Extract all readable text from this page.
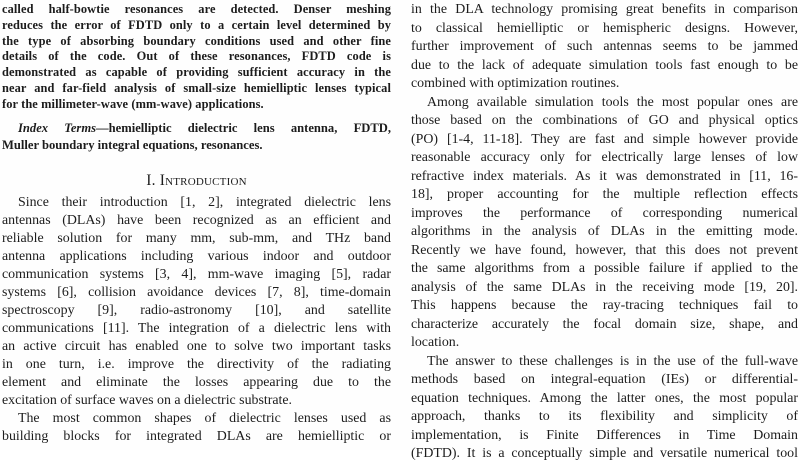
called half-bowtie resonances are detected. Denser meshing
reduces the error of FDTD only to a certain level determined by
the type of absorbing boundary conditions used and other fine
details of the code. Out of these resonances, FDTD code is
demonstrated as capable of providing sufficient accuracy in the
near and far-field analysis of small-size hemielliptic lenses typical
for the millimeter-wave (mm-wave) applications.
Index Terms—hemielliptic dielectric lens antenna, FDTD,
Muller boundary integral equations, resonances.
I. Introduction
Since their introduction [1, 2], integrated dielectric lens
antennas (DLAs) have been recognized as an efficient and
reliable solution for many mm, sub-mm, and THz band
antenna applications including various indoor and outdoor
communication systems [3, 4], mm-wave imaging [5], radar
systems [6], collision avoidance devices [7, 8], time-domain
spectroscopy [9], radio-astronomy [10], and satellite
communications [11]. The integration of a dielectric lens with
an active circuit has enabled one to solve two important tasks
in one turn, i.e. improve the directivity of the radiating
element and eliminate the losses appearing due to the
excitation of surface waves on a dielectric substrate.
The most common shapes of dielectric lenses used as
building blocks for integrated DLAs are hemielliptic or
in the DLA technology promising great benefits in comparison
to classical hemielliptic or hemispheric designs. However,
further improvement of such antennas seems to be jammed
due to the lack of adequate simulation tools fast enough to be
combined with optimization routines.
Among available simulation tools the most popular ones are
those based on the combinations of GO and physical optics
(PO) [1-4, 11-18]. They are fast and simple however provide
reasonable accuracy only for electrically large lenses of low
refractive index materials. As it was demonstrated in [11, 16-
18], proper accounting for the multiple reflection effects
improves the performance of corresponding numerical
algorithms in the analysis of DLAs in the emitting mode.
Recently we have found, however, that this does not prevent
the same algorithms from a possible failure if applied to the
analysis of the same DLAs in the receiving mode [19, 20].
This happens because the ray-tracing techniques fail to
characterize accurately the focal domain size, shape, and
location.
The answer to these challenges is in the use of the full-wave
methods based on integral-equation (IEs) or differential-
equation techniques. Among the latter ones, the most popular
approach, thanks to its flexibility and simplicity of
implementation, is Finite Differences in Time Domain
(FDTD). It is a conceptually simple and versatile numerical tool
